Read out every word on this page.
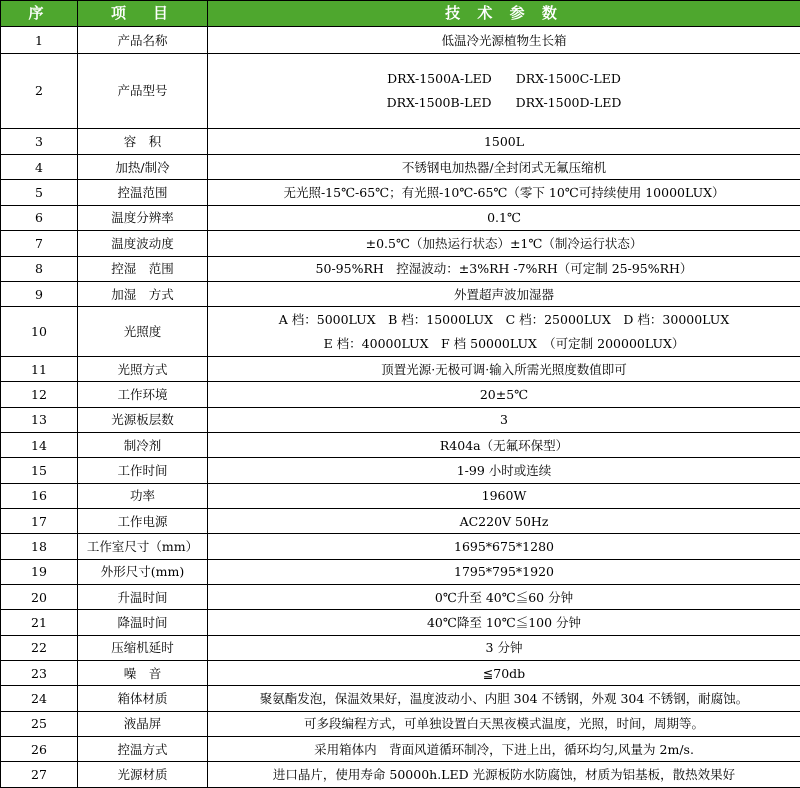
序	项　目	技 术 参 数
1	产品名称	低温冷光源植物生长箱
2	产品型号	DRX-1500A-LED DRX-1500C-LED
DRX-1500B-LED DRX-1500D-LED

3	容　积	1500L
4	加热/制冷	不锈钢电加热器/全封闭式无氟压缩机
5	控温范围	无光照-15℃-65℃；有光照-10℃-65℃（零下 10℃可持续使用 10000LUX）
6	温度分辨率	0.1℃
7	温度波动度	±0.5℃（加热运行状态）±1℃（制冷运行状态）
8	控湿　范围	50-95%RH　控湿波动：±3%RH -7%RH（可定制 25-95%RH）
9	加湿　方式	外置超声波加湿器
10	光照度	A 档：5000LUX　B 档：15000LUX　C 档：25000LUX　D 档：30000LUX
E 档：40000LUX　F 档 50000LUX　（可定制 200000LUX）

11	光照方式	顶置光源·无极可调·输入所需光照度数值即可
12	工作环境	20±5℃
13	光源板层数	3
14	制冷剂	R404a（无氟环保型）
15	工作时间	1-99 小时或连续
16	功率	1960W
17	工作电源	AC220V 50Hz
18	工作室尺寸（mm）	1695*675*1280
19	外形尺寸(mm)	1795*795*1920
20	升温时间	0℃升至 40℃≦60 分钟
21	降温时间	40℃降至 10℃≦100 分钟
22	压缩机延时	3 分钟
23	噪　音	≦70db
24	箱体材质	聚氨酯发泡，保温效果好，温度波动小、内胆 304 不锈钢，外观 304 不锈钢，耐腐蚀。
25	液晶屏	可多段编程方式，可单独设置白天黑夜模式温度，光照，时间，周期等。
26	控温方式	采用箱体内　背面风道循环制冷，下进上出，循环均匀,风量为 2m/s.
27	光源材质	进口晶片，使用寿命 50000h.LED 光源板防水防腐蚀，材质为铝基板，散热效果好
